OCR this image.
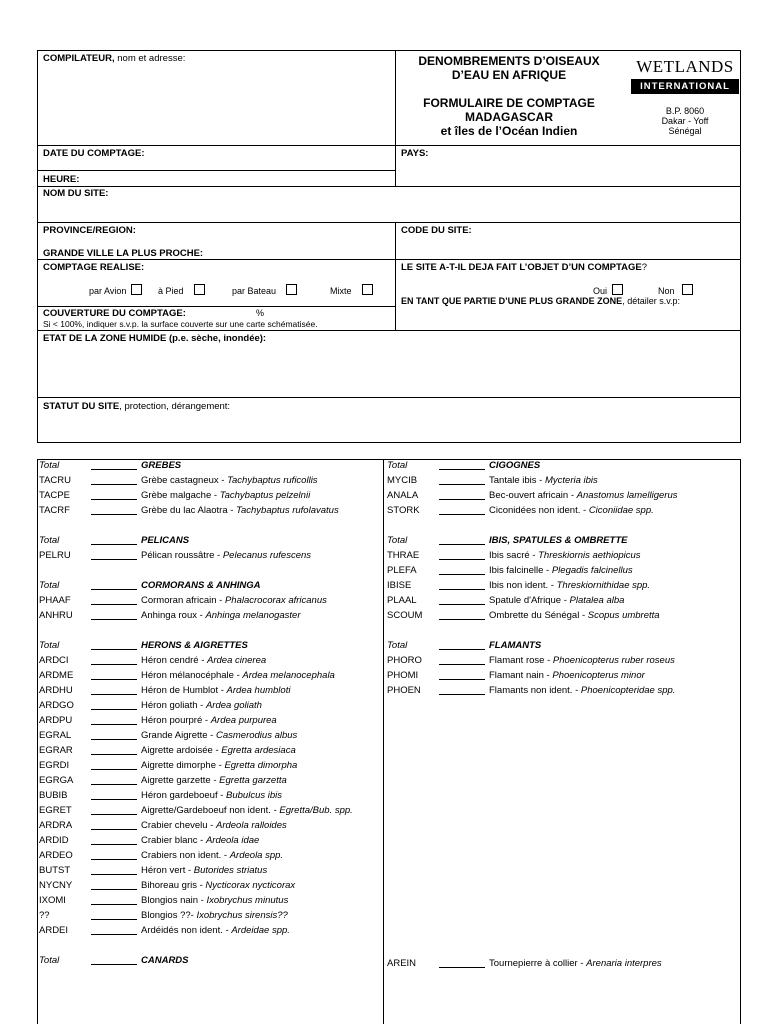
COMPILATEUR, nom et adresse:	DENOMBREMENTS D’OISEAUX
D’EAU EN AFRIQUE
FORMULAIRE DE COMPTAGE
MADAGASCAR
et îles de l’Océan Indien
WETLANDS
INTERNATIONAL
B.P. 8060
Dakar - Yoff
Sénégal
DATE DU COMPTAGE:	PAYS:
HEURE:
NOM DU SITE:
PROVINCE/REGION:	CODE DU SITE:
GRANDE VILLE LA PLUS PROCHE:
COMPTAGE REALISE:
par Avion	à Pied	par Bateau	Mixte
LE SITE A-T-IL DEJA FAIT L’OBJET D’UN COMPTAGE?
Oui	Non
EN TANT QUE PARTIE D’UNE PLUS GRANDE ZONE, détailer s.v.p:
COUVERTURE DU COMPTAGE:	%
Si < 100%, indiquer s.v.p. la surface couverte sur une carte schématisée.
ETAT DE LA ZONE HUMIDE (p.e. sèche, inondée):
STATUT DU SITE, protection, dérangement:
Total	GREBES
TACRU	Grèbe castagneux - Tachybaptus ruficollis
TACPE	Grèbe malgache - Tachybaptus pelzelnii
TACRF	Grèbe du lac Alaotra - Tachybaptus rufolavatus
Total	PELICANS
PELRU	Pélican roussâtre - Pelecanus rufescens
Total	CORMORANS & ANHINGA
PHAAF	Cormoran africain - Phalacrocorax africanus
ANHRU	Anhinga roux - Anhinga melanogaster
Total	HERONS & AIGRETTES
ARDCI	Héron cendré - Ardea cinerea
ARDME	Héron mélanocéphale - Ardea melanocephala
ARDHU	Héron de Humblot - Ardea humbloti
ARDGO	Héron goliath - Ardea goliath
ARDPU	Héron pourpré - Ardea purpurea
EGRAL	Grande Aigrette - Casmerodius albus
EGRAR	Aigrette ardoisée - Egretta ardesiaca
EGRDI	Aigrette dimorphe - Egretta dimorpha
EGRGA	Aigrette garzette - Egretta garzetta
BUBIB	Héron gardeboeuf - Bubulcus ibis
EGRET	Aigrette/Gardeboeuf non ident. - Egretta/Bub. spp.
ARDRA	Crabier chevelu - Ardeola ralloides
ARDID	Crabier blanc - Ardeola idae
ARDEO	Crabiers non ident. - Ardeola spp.
BUTST	Héron vert - Butorides striatus
NYCNY	Bihoreau gris - Nycticorax nycticorax
IXOMI	Blongios nain - Ixobrychus minutus
??	Blongios ??- Ixobrychus sirensis??
ARDEI	Ardéidés non ident. - Ardeidae spp.
Total	CANARDS
Total	CIGOGNES
MYCIB	Tantale ibis - Mycteria ibis
ANALA	Bec-ouvert africain - Anastomus lamelligerus
STORK	Ciconidées non ident. - Ciconiidae spp.
Total	IBIS, SPATULES & OMBRETTE
THRAE	Ibis sacré - Threskiornis aethiopicus
PLEFA	Ibis falcinelle - Plegadis falcinellus
IBISE	Ibis non ident. - Threskiornithidae spp.
PLAAL	Spatule d'Afrique - Platalea alba
SCOUM	Ombrette du Sénégal - Scopus umbretta
Total	FLAMANTS
PHORO	Flamant rose - Phoenicopterus ruber roseus
PHOMI	Flamant nain - Phoenicopterus minor
PHOEN	Flamants non ident. - Phoenicopteridae spp.
AREIN	Tournepierre à collier - Arenaria interpres
